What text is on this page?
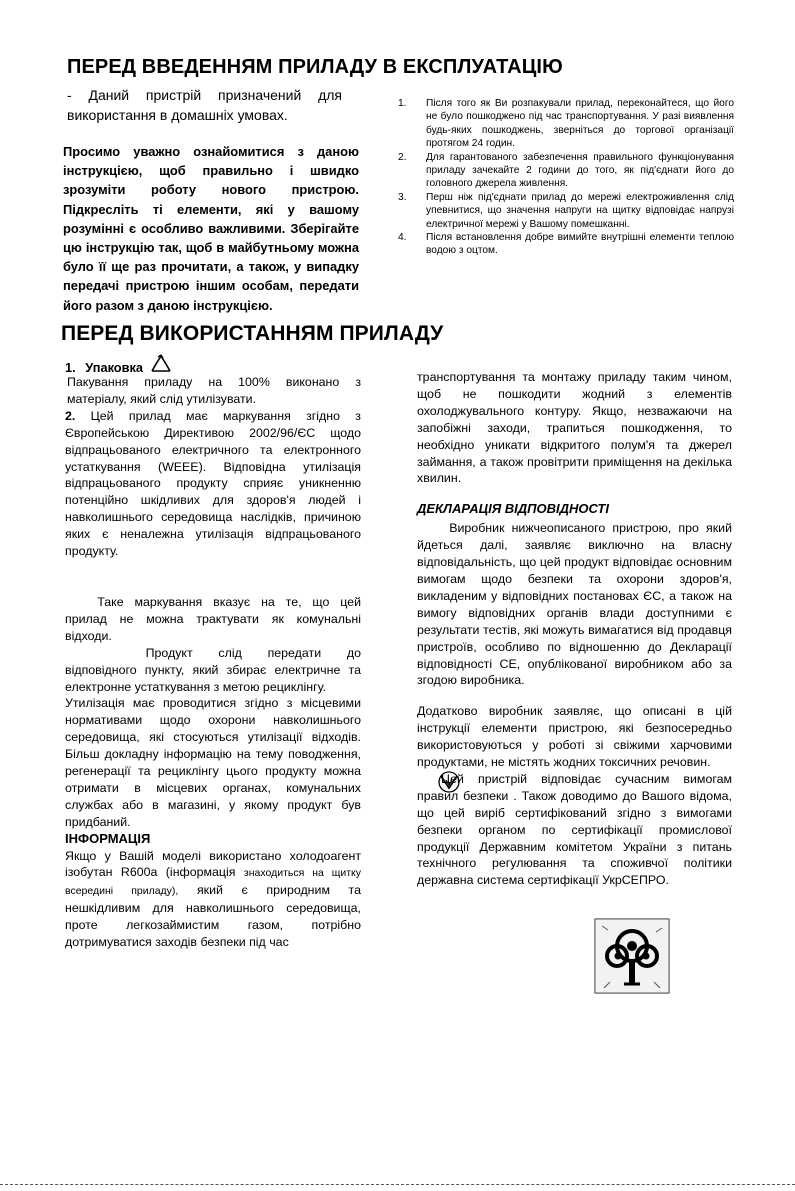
ПЕРЕД ВВЕДЕННЯМ ПРИЛАДУ В ЕКСПЛУАТАЦІЮ

- Даний пристрій призначений для використання в домашніх умовах.

Просимо уважно ознайомитися з даною інструкцією, щоб правильно і швидко зрозуміти роботу нового пристрою. Підкресліть ті елементи, які у вашому розумінні є особливо важливими. Зберігайте цю інструкцію так, щоб в майбутньому можна було її ще раз прочитати, а також, у випадку передачі пристрою іншим особам, передати його разом з даною інструкцією.

1. Після того як Ви розпакували прилад, переконайтеся, що його не було пошкоджено під час транспортування. У разі виявлення будь-яких пошкоджень, зверніться до торгової організації протягом 24 годин.
2. Для гарантованого забезпечення правильного функціонування приладу зачекайте 2 години до того, як під'єднати його до головного джерела живлення.
3. Перш ніж під'єднати прилад до мережі електроживлення слід упевнитися, що значення напруги на щитку відповідає напрузі електричної мережі у Вашому помешканні.
4. Після встановлення добре вимийте внутрішні елементи теплою водою з оцтом.
ПЕРЕД ВИКОРИСТАННЯМ ПРИЛАДУ
1. Упаковка

Пакування приладу на 100% виконано з матеріалу, який слід утилізувати.

2. Цей прилад має маркування згідно з Європейською Директивою 2002/96/ЄС щодо відпрацьованого електричного та електронного устаткування (WEEE). Відповідна утилізація відпрацьованого продукту сприяє уникненню потенційно шкідливих для здоров'я людей і навколишнього середовища наслідків, причиною яких є неналежна утилізація відпрацьованого продукту.

Таке маркування вказує на те, що цей прилад не можна трактувати як комунальні відходи.

Продукт слід передати до відповідного пункту, який збирає електричне та електронне устаткування з метою рециклінгу.

Утилізація має проводитися згідно з місцевими нормативами щодо охорони навколишнього середовища, які стосуються утилізації відходів. Більш докладну інформацію на тему поводження, регенерації та рециклінгу цього продукту можна отримати в місцевих органах, комунальних службах або в магазині, у якому продукт був придбаний.

ІНФОРМАЦІЯ

Якщо у Вашій моделі використано холодоагент ізобутан R600a (інформація знаходиться на щитку всередині приладу), який є природним та нешкідливим для навколишнього середовища, проте легкозаймистим газом, потрібно дотримуватися заходів безпеки під час

транспортування та монтажу приладу таким чином, щоб не пошкодити жодний з елементів охолоджувального контуру. Якщо, незважаючи на запобіжні заходи, трапиться пошкодження, то необхідно уникати відкритого полум'я та джерел займання, а також провітрити приміщення на декілька хвилин.

ДЕКЛАРАЦІЯ ВІДПОВІДНОСТІ

Виробник нижчеописаного пристрою, про який йдеться далі, заявляє виключно на власну відповідальність, що цей продукт відповідає основним вимогам щодо безпеки та охорони здоров'я, викладеним у відповідних постановах ЄС, а також на вимогу відповідних органів влади доступними є результати тестів, які можуть вимагатися від продавця пристроїв, особливо по відношенню до Декларації відповідності СЕ, опублікованої виробником або за згодою виробника.

Додатково виробник заявляє, що описані в цій інструкції елементи пристрою, які безпосередньо використовуються у роботі зі свіжими харчовими продуктами, не містять жодних токсичних речовин.

Цей пристрій відповідає сучасним вимогам правил безпеки . Також доводимо до Вашого відома, що цей виріб сертифікований згідно з вимогами безпеки органом по сертифікації промислової продукції Державним комітетом України з питань технічного регулювання та споживчої політики державна система сертифікації УкрСЕПРО.
